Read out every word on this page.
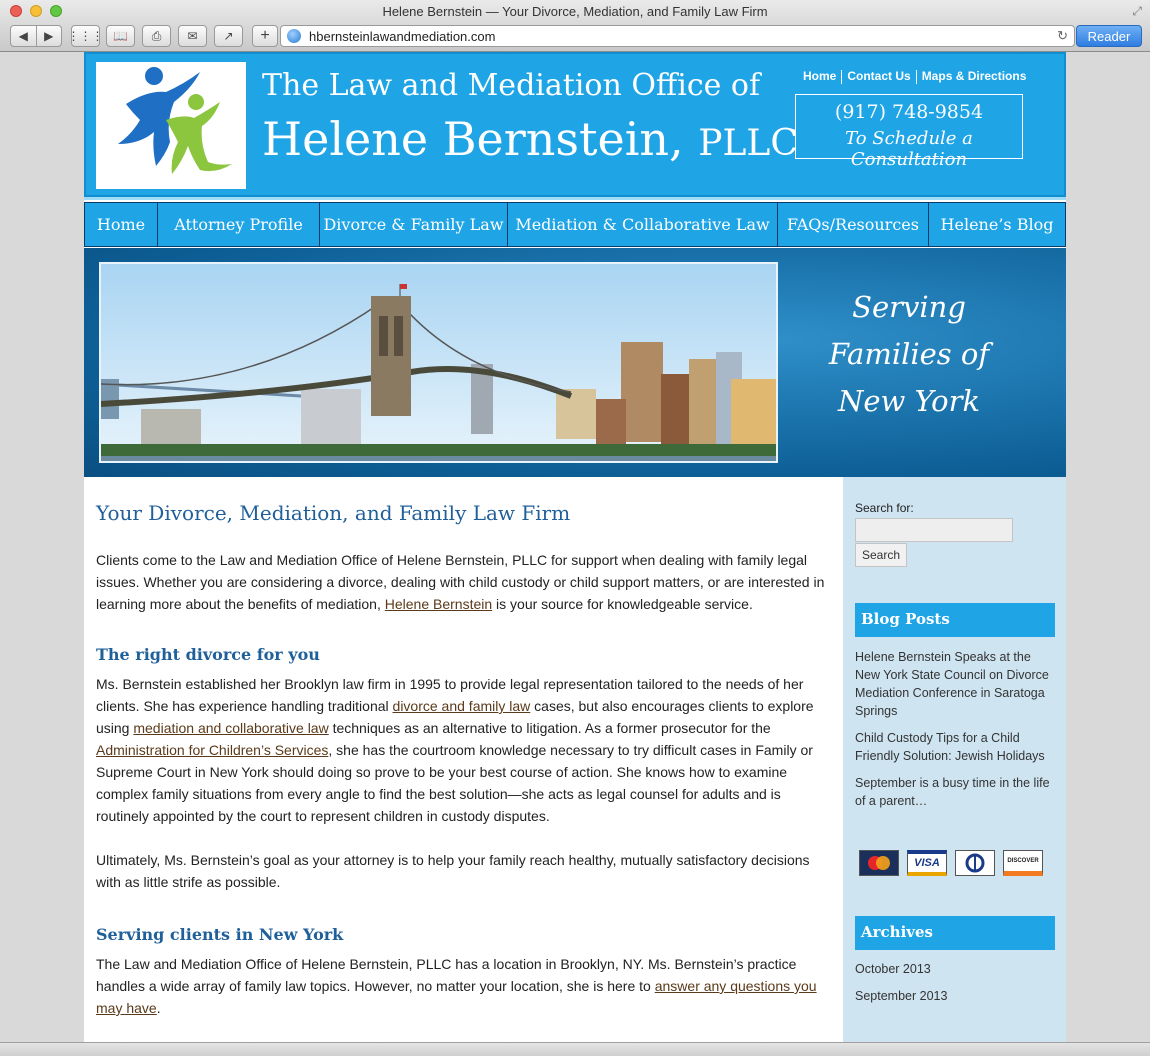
Helene Bernstein — Your Divorce, Mediation, and Family Law Firm	⤢
◀	▶	⋮⋮⋮ 📖	⎙	✉	↗	+	hbernsteinlawandmediation.com	↻	Reader
The Law and Mediation Office of
Helene Bernstein, PLLC
Home Contact Us Maps & Directions
(917) 748-9854
To Schedule a Consultation
Home	Attorney Profile	Divorce & Family Law Mediation & Collaborative Law	FAQs/Resources	Helene’s Blog
Serving
Families of
New York
Your Divorce, Mediation, and Family Law Firm

Clients come to the Law and Mediation Office of Helene Bernstein, PLLC for support when dealing with family legal issues. Whether you are considering a divorce, dealing with child custody or child support matters, or are interested in learning more about the benefits of mediation, Helene Bernstein is your source for knowledgeable service.

The right divorce for you

Ms. Bernstein established her Brooklyn law firm in 1995 to provide legal representation tailored to the needs of her clients. She has experience handling traditional divorce and family law cases, but also encourages clients to explore using mediation and collaborative law techniques as an alternative to litigation. As a former prosecutor for the Administration for Children’s Services, she has the courtroom knowledge necessary to try difficult cases in Family or Supreme Court in New York should doing so prove to be your best course of action. She knows how to examine complex family situations from every angle to find the best solution—she acts as legal counsel for adults and is routinely appointed by the court to represent children in custody disputes.

Ultimately, Ms. Bernstein’s goal as your attorney is to help your family reach healthy, mutually satisfactory decisions with as little strife as possible.

Serving clients in New York

The Law and Mediation Office of Helene Bernstein, PLLC has a location in Brooklyn, NY. Ms. Bernstein’s practice handles a wide array of family law topics. However, no matter your location, she is here to answer any questions you may have.

Search for:
Search
Blog Posts
Helene Bernstein Speaks at the New York State Council on Divorce Mediation Conference in Saratoga Springs
Child Custody Tips for a Child Friendly Solution: Jewish Holidays
September is a busy time in the life of a parent…
VISA	DISCOVER
Archives
October 2013
September 2013
